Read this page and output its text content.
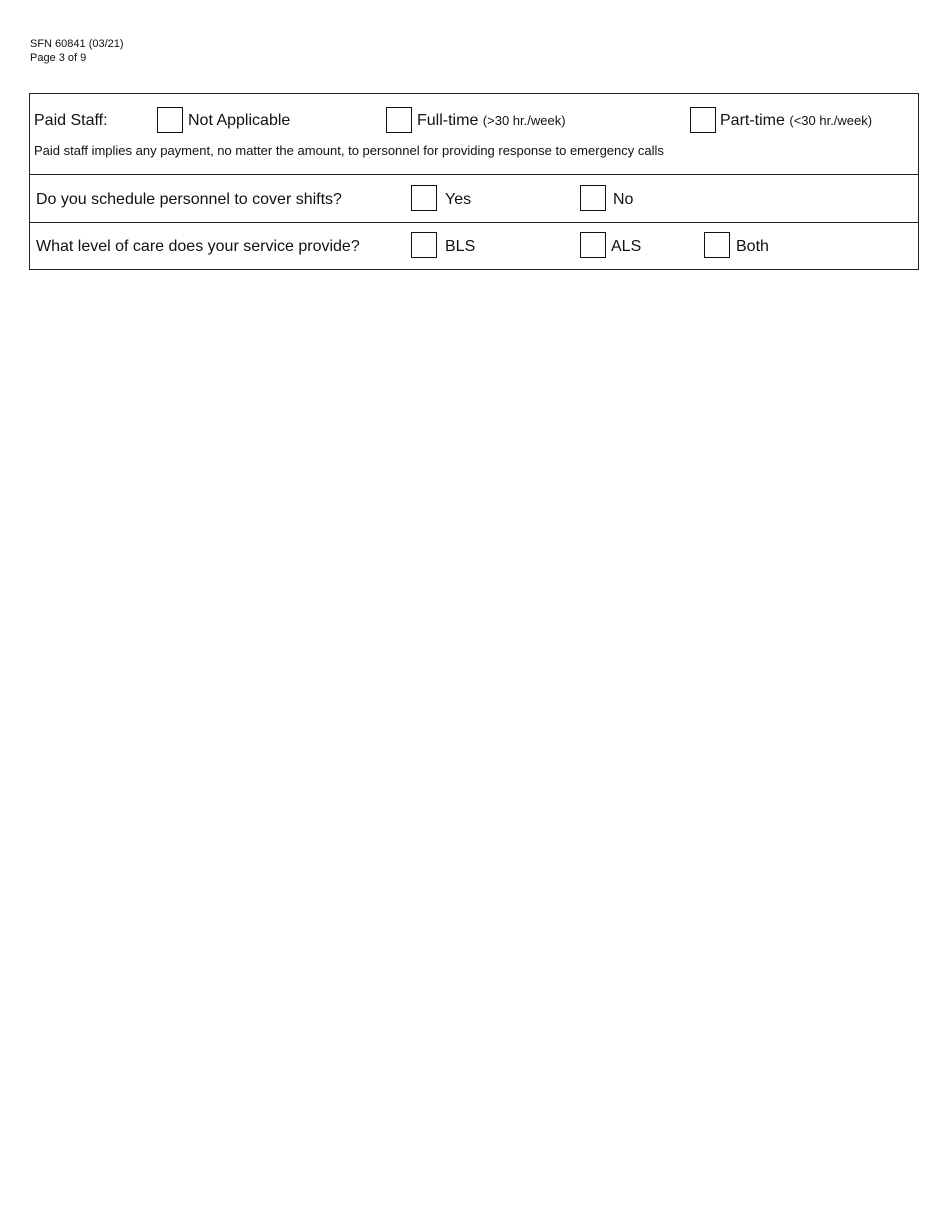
SFN 60841 (03/21)
Page 3 of 9
Paid Staff:	Not Applicable	Full-time (>30 hr./week)	Part-time (<30 hr./week)
Paid staff implies any payment, no matter the amount, to personnel for providing response to emergency calls
Do you schedule personnel to cover shifts?	Yes	No
What level of care does your service provide?	BLS	ALS	Both
